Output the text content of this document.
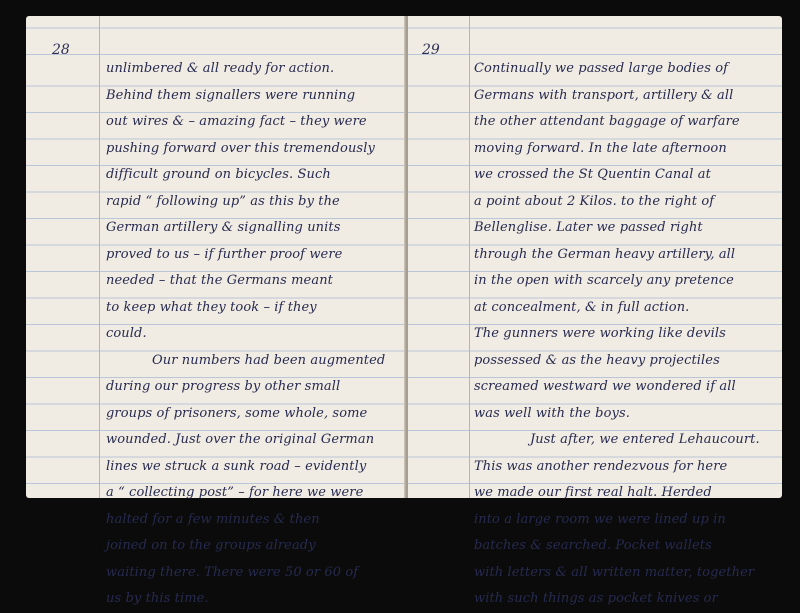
28
unlimbered & all ready for action.
Behind them signallers were running
out wires & – amazing fact – they were
pushing forward over this tremendously
difficult ground on bicycles. Such
rapid “ following up” as this by the
German artillery & signalling units
proved to us – if further proof were
needed – that the Germans meant
to keep what they took – if they
could.
Our numbers had been augmented
during our progress by other small
groups of prisoners, some whole, some
wounded. Just over the original German
lines we struck a sunk road – evidently
a “ collecting post” – for here we were
halted for a few minutes & then
joined on to the groups already
waiting there. There were 50 or 60 of
us by this time.
29
Continually we passed large bodies of
Germans with transport, artillery & all
the other attendant baggage of warfare
moving forward. In the late afternoon
we crossed the St Quentin Canal at
a point about 2 Kilos. to the right of
Bellenglise. Later we passed right
through the German heavy artillery, all
in the open with scarcely any pretence
at concealment, & in full action.
The gunners were working like devils
possessed & as the heavy projectiles
screamed westward we wondered if all
was well with the boys.
Just after, we entered Lehaucourt.
This was another rendezvous for here
we made our first real halt. Herded
into a large room we were lined up in
batches & searched. Pocket wallets
with letters & all written matter, together
with such things as pocket knives or
